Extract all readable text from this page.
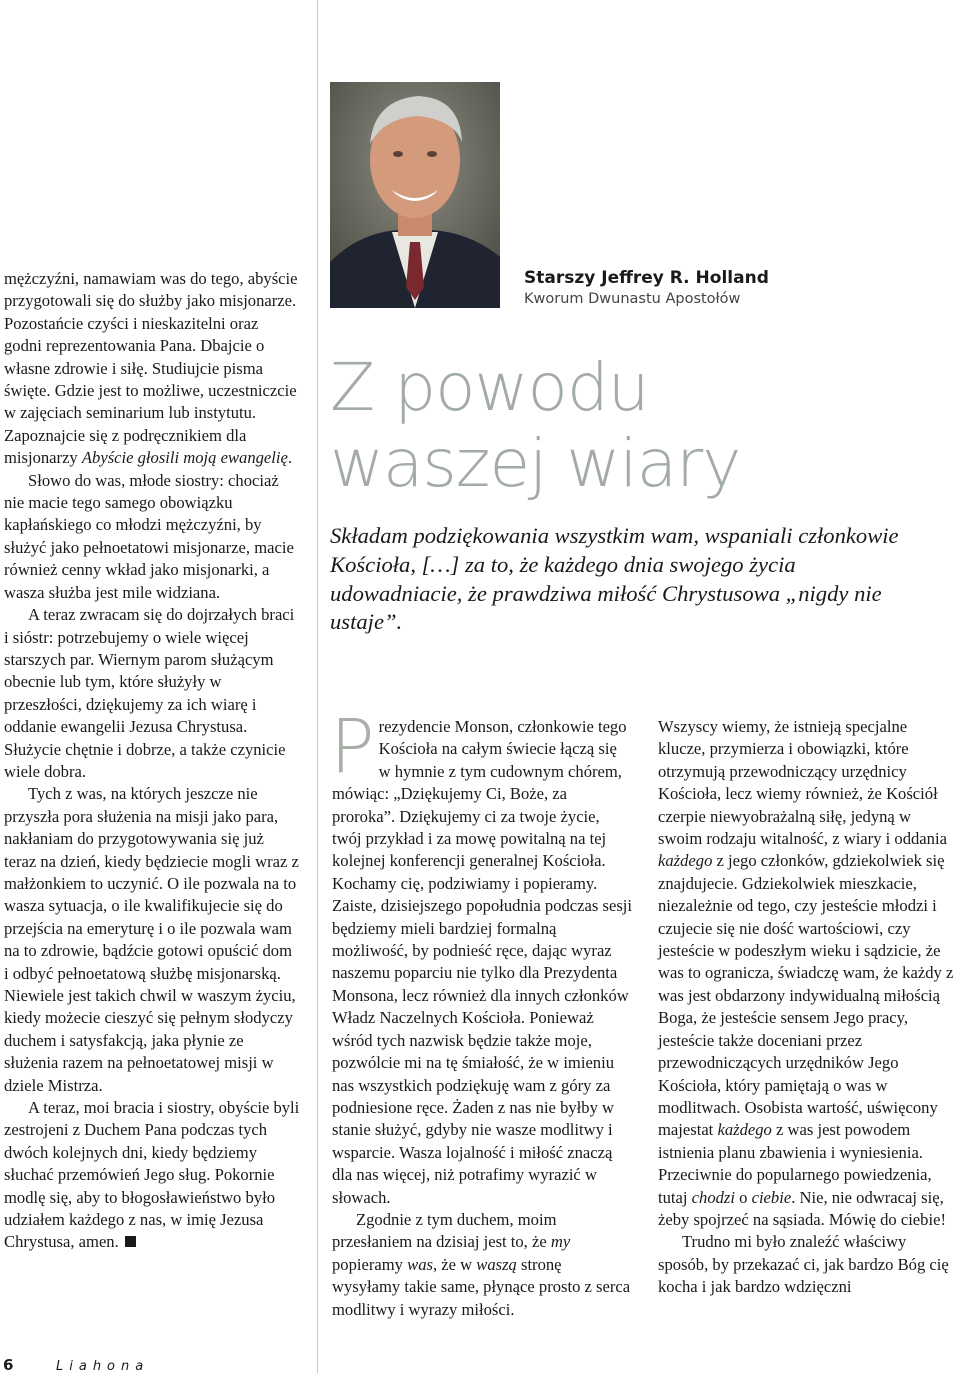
mężczyźni, namawiam was do tego, abyście przygotowali się do służby jako misjonarze. Pozostańcie czyści i nieskazitelni oraz godni reprezentowania Pana. Dbajcie o własne zdrowie i siłę. Studiujcie pisma święte. Gdzie jest to możliwe, uczestniczcie w zajęciach seminarium lub instytutu. Zapoznajcie się z podręcznikiem dla misjonarzy Abyście głosili moją ewangelię.

Słowo do was, młode siostry: chociaż nie macie tego samego obowiązku kapłańskiego co młodzi mężczyźni, by służyć jako pełnoetatowi misjonarze, macie również cenny wkład jako misjonarki, a wasza służba jest mile widziana.

A teraz zwracam się do dojrzałych braci i sióstr: potrzebujemy o wiele więcej starszych par. Wiernym parom służącym obecnie lub tym, które służyły w przeszłości, dziękujemy za ich wiarę i oddanie ewangelii Jezusa Chrystusa. Służycie chętnie i dobrze, a także czynicie wiele dobra.

Tych z was, na których jeszcze nie przyszła pora służenia na misji jako para, nakłaniam do przygotowywania się już teraz na dzień, kiedy będziecie mogli wraz z małżonkiem to uczynić. O ile pozwala na to wasza sytuacja, o ile kwalifikujecie się do przejścia na emeryturę i o ile pozwala wam na to zdrowie, bądźcie gotowi opuścić dom i odbyć pełnoetatową służbę misjonarską. Niewiele jest takich chwil w waszym życiu, kiedy możecie cieszyć się pełnym słodyczy duchem i satysfakcją, jaka płynie ze służenia razem na pełnoetatowej misji w dziele Mistrza.

A teraz, moi bracia i siostry, obyście byli zestrojeni z Duchem Pana podczas tych dwóch kolejnych dni, kiedy będziemy słuchać przemówień Jego sług. Pokornie modlę się, aby to błogosławieństwo było udziałem każdego z nas, w imię Jezusa Chrystusa, amen.

Starszy Jeffrey R. Holland
Kworum Dwunastu Apostołów
Z powodu
waszej wiary
Składam podziękowania wszystkim wam, wspaniali członkowie Kościoła, […] za to, że każdego dnia swojego życia udowadniacie, że prawdziwa miłość Chrystusowa „nigdy nie ustaje”.

Prezydencie Monson, członkowie tego Kościoła na całym świecie łączą się w hymnie z tym cudownym chórem, mówiąc: „Dziękujemy Ci, Boże, za proroka”. Dziękujemy ci za twoje życie, twój przykład i za mowę powitalną na tej kolejnej konferencji generalnej Kościoła. Kochamy cię, podziwiamy i popieramy. Zaiste, dzisiejszego popołudnia podczas sesji będziemy mieli bardziej formalną możliwość, by podnieść ręce, dając wyraz naszemu poparciu nie tylko dla Prezydenta Monsona, lecz również dla innych członków Władz Naczelnych Kościoła. Ponieważ wśród tych nazwisk będzie także moje, pozwólcie mi na tę śmiałość, że w imieniu nas wszystkich podziękuję wam z góry za podniesione ręce. Żaden z nas nie byłby w stanie służyć, gdyby nie wasze modlitwy i wsparcie. Wasza lojalność i miłość znaczą dla nas więcej, niż potrafimy wyrazić w słowach.

Zgodnie z tym duchem, moim przesłaniem na dzisiaj jest to, że my popieramy was, że w waszą stronę wysyłamy takie same, płynące prosto z serca modlitwy i wyrazy miłości.

Wszyscy wiemy, że istnieją specjalne klucze, przymierza i obowiązki, które otrzymują przewodniczący urzędnicy Kościoła, lecz wiemy również, że Kościół czerpie niewyobrażalną siłę, jedyną w swoim rodzaju witalność, z wiary i oddania każdego z jego członków, gdziekolwiek się znajdujecie. Gdziekolwiek mieszkacie, niezależnie od tego, czy jesteście młodzi i czujecie się nie dość wartościowi, czy jesteście w podeszłym wieku i sądzicie, że was to ogranicza, świadczę wam, że każdy z was jest obdarzony indywidualną miłością Boga, że jesteście sensem Jego pracy, jesteście także doceniani przez przewodniczących urzędników Jego Kościoła, który pamiętają o was w modlitwach. Osobista wartość, uświęcony majestat każdego z was jest powodem istnienia planu zbawienia i wyniesienia. Przeciwnie do popularnego powiedzenia, tutaj chodzi o ciebie. Nie, nie odwracaj się, żeby spojrzeć na sąsiada. Mówię do ciebie!

Trudno mi było znaleźć właściwy sposób, by przekazać ci, jak bardzo Bóg cię kocha i jak bardzo wdzięczni

6	Liahona
